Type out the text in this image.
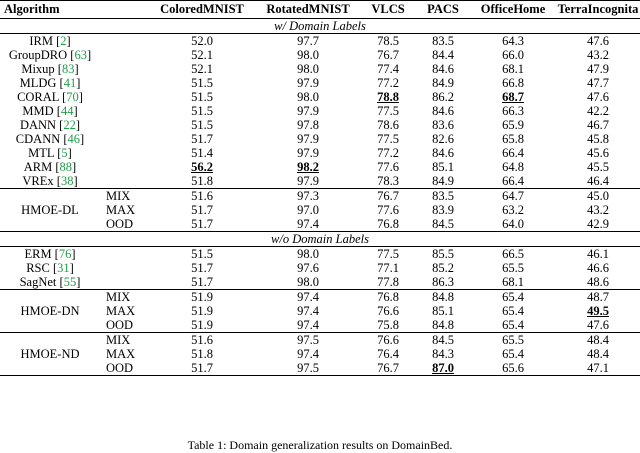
Algorithm		ColoredMNIST	RotatedMNIST	VLCS	PACS	OfficeHome	TerraIncognita
w/ Domain Labels							
IRM [2]		52.0	97.7	78.5	83.5	64.3	47.6
GroupDRO [63]		52.1	98.0	76.7	84.4	66.0	43.2
Mixup [83]		52.1	98.0	77.4	84.6	68.1	47.9
MLDG [41]		51.5	97.9	77.2	84.9	66.8	47.7
CORAL [70]		51.5	98.0	78.8	86.2	68.7	47.6
MMD [44]		51.5	97.9	77.5	84.6	66.3	42.2
DANN [22]		51.5	97.8	78.6	83.6	65.9	46.7
CDANN [46]		51.7	97.9	77.5	82.6	65.8	45.8
MTL [5]		51.4	97.9	77.2	84.6	66.4	45.6
ARM [88]		56.2	98.2	77.6	85.1	64.8	45.5
VREx [38]		51.8	97.9	78.3	84.9	66.4	46.4
HMOE-DL	MIX	51.6	97.3	76.7	83.5	64.7	45.0
	MAX	51.7	97.0	77.6	83.9	63.2	43.2
	OOD	51.7	97.4	76.8	84.5	64.0	42.9
w/o Domain Labels							
ERM [76]		51.5	98.0	77.5	85.5	66.5	46.1
RSC [31]		51.7	97.6	77.1	85.2	65.5	46.6
SagNet [55]		51.7	98.0	77.8	86.3	68.1	48.6
HMOE-DN	MIX	51.9	97.4	76.8	84.8	65.4	48.7
	MAX	51.9	97.4	76.6	85.1	65.4	49.5
	OOD	51.9	97.4	75.8	84.8	65.4	47.6
HMOE-ND	MIX	51.6	97.5	76.6	84.5	65.5	48.4
	MAX	51.8	97.4	76.4	84.3	65.4	48.4
	OOD	51.7	97.5	76.7	87.0	65.6	47.1
Table 1: Domain generalization results on DomainBed.
